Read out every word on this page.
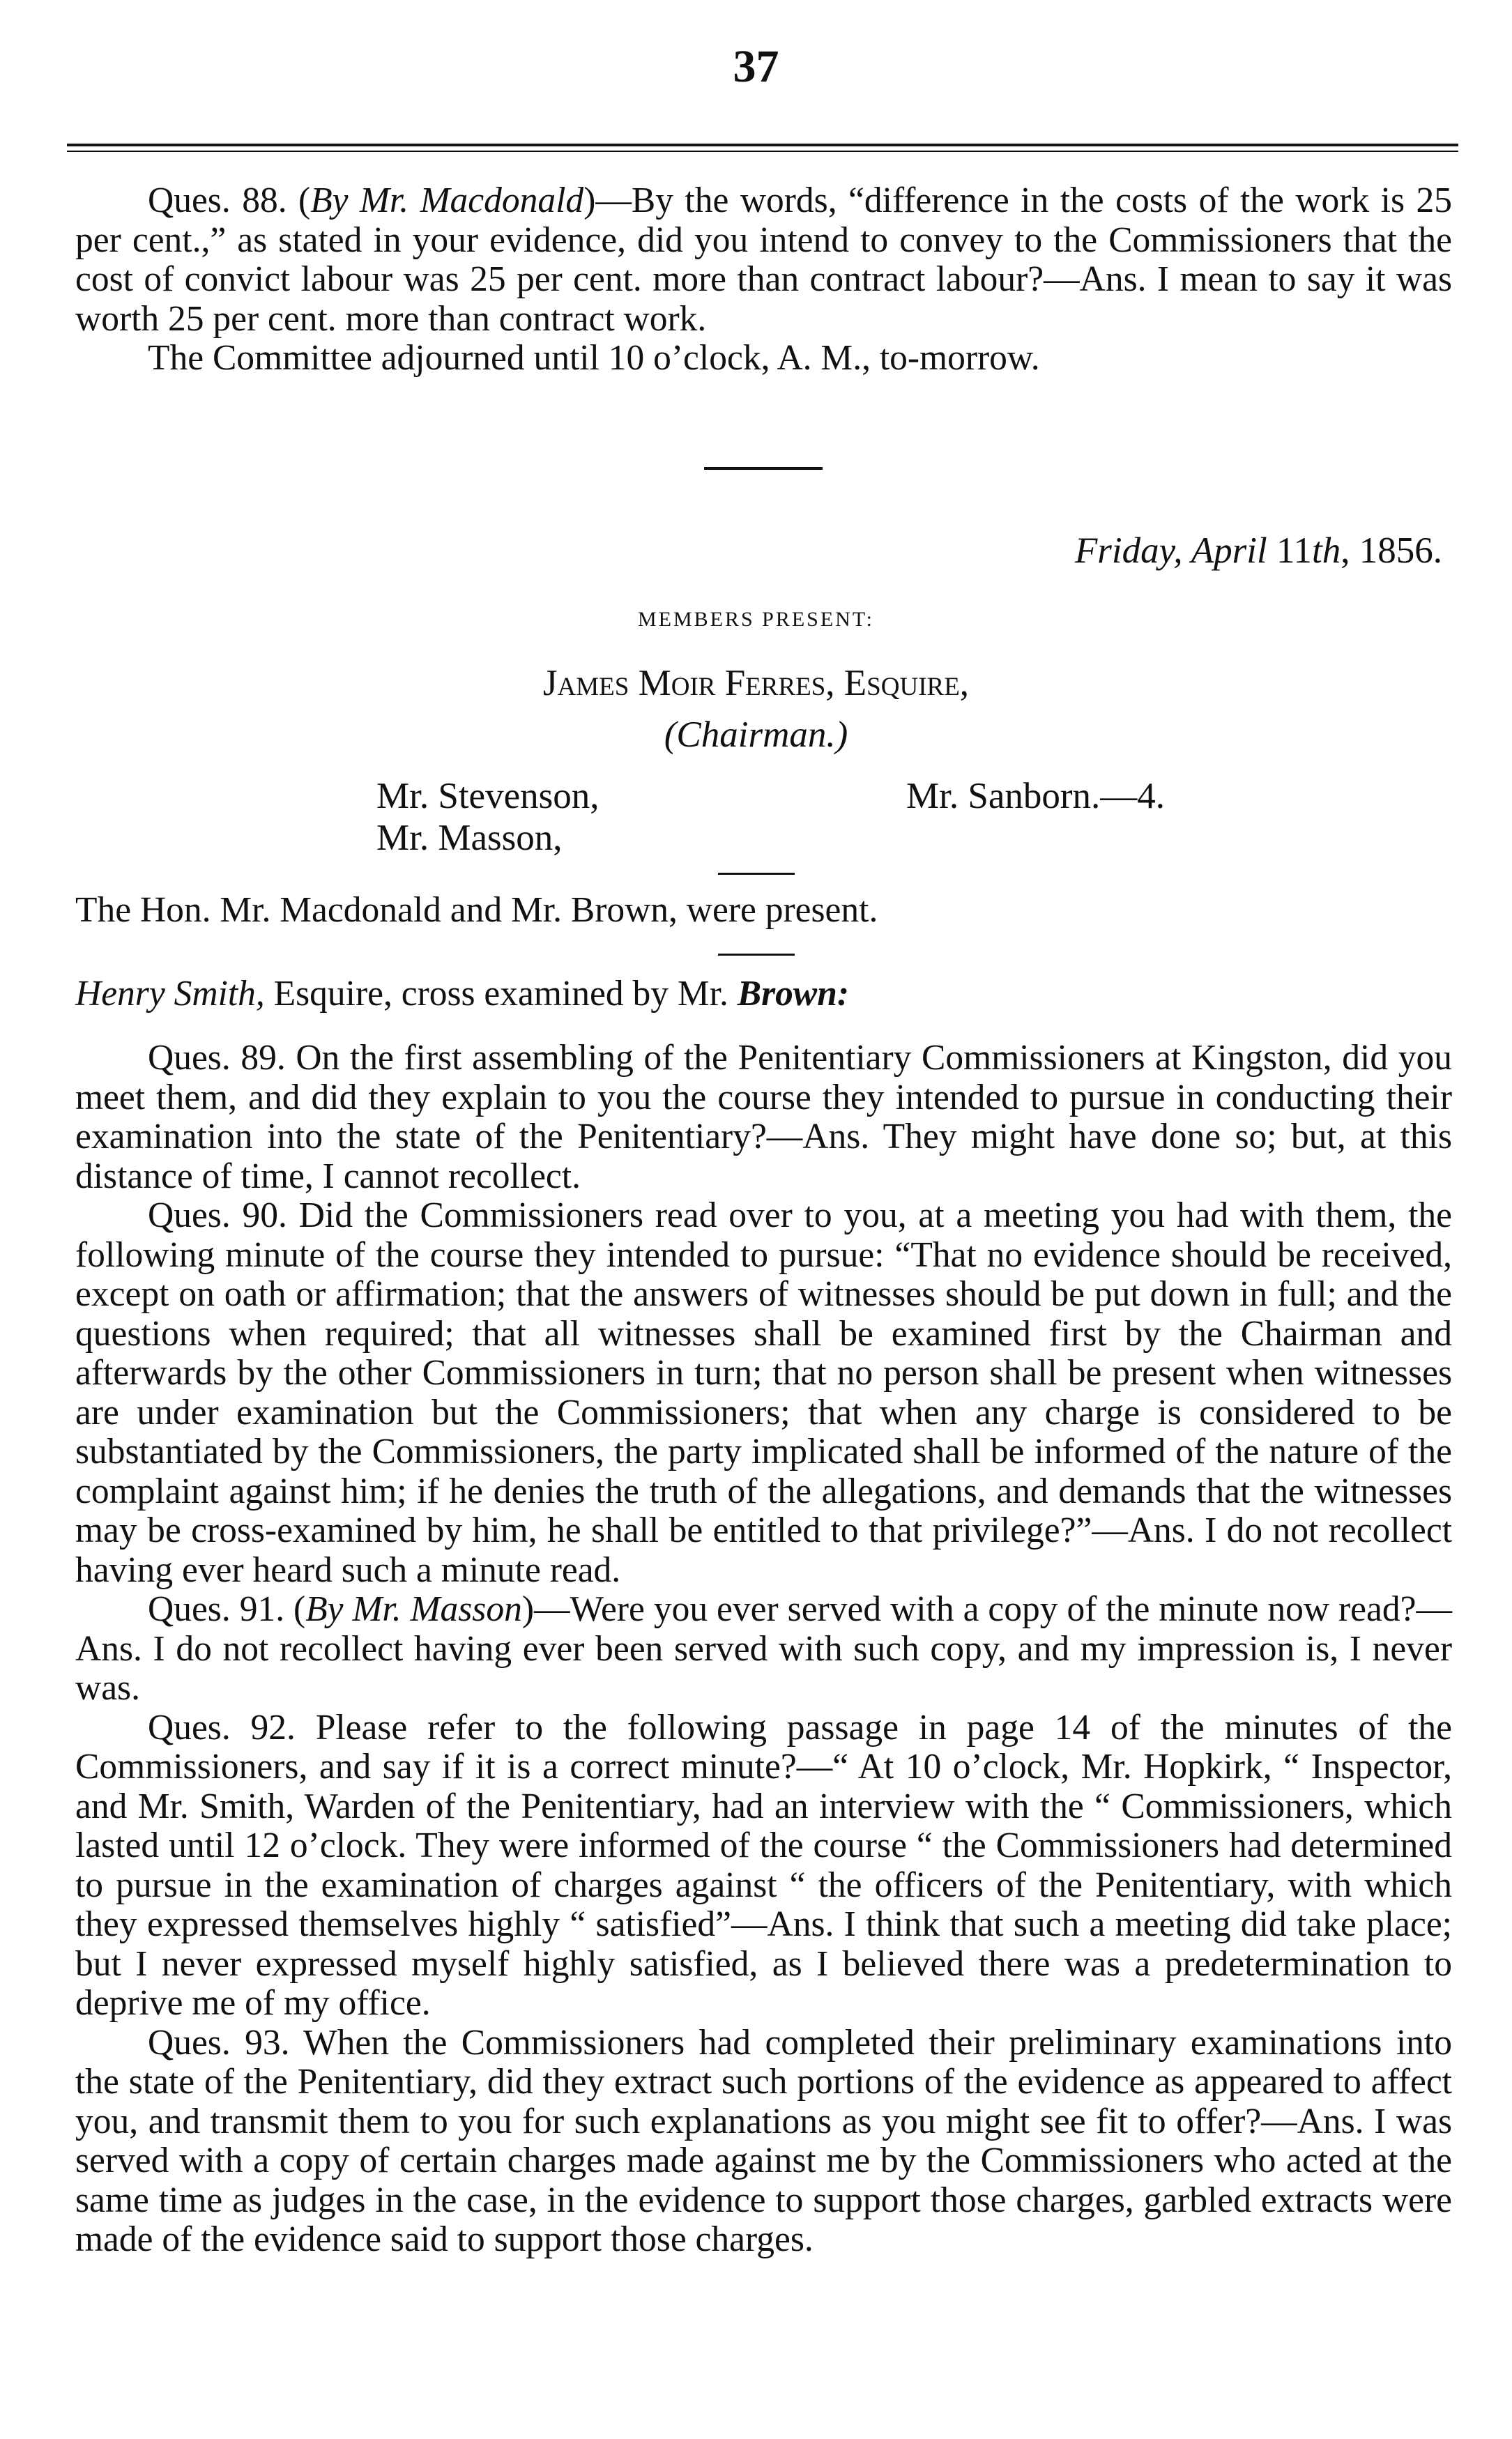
37

Ques. 88. (By Mr. Macdonald)—By the words, “difference in the costs of the work is 25 per cent.,” as stated in your evidence, did you intend to convey to the Commissioners that the cost of convict labour was 25 per cent. more than contract labour?—Ans. I mean to say it was worth 25 per cent. more than contract work.

The Committee adjourned until 10 o’clock, A. M., to-morrow.

Friday, April 11th, 1856.
MEMBERS PRESENT:
James Moir Ferres, Esquire,
(Chairman.)
Mr. Stevenson,
Mr. Masson,
Mr. Sanborn.—4.

The Hon. Mr. Macdonald and Mr. Brown, were present.

Henry Smith, Esquire, cross examined by Mr. Brown:

Ques. 89. On the first assembling of the Penitentiary Commissioners at Kingston, did you meet them, and did they explain to you the course they intended to pursue in conducting their examination into the state of the Penitentiary?—Ans. They might have done so; but, at this distance of time, I cannot recollect.

Ques. 90. Did the Commissioners read over to you, at a meeting you had with them, the following minute of the course they intended to pursue: “That no evidence should be received, except on oath or affirmation; that the answers of witnesses should be put down in full; and the questions when required; that all witnesses shall be examined first by the Chairman and afterwards by the other Commissioners in turn; that no person shall be present when witnesses are under examination but the Commissioners; that when any charge is considered to be substantiated by the Commissioners, the party implicated shall be informed of the nature of the complaint against him; if he denies the truth of the allegations, and demands that the witnesses may be cross-examined by him, he shall be entitled to that privilege?”—Ans. I do not recollect having ever heard such a minute read.

Ques. 91. (By Mr. Masson)—Were you ever served with a copy of the minute now read?—Ans. I do not recollect having ever been served with such copy, and my impression is, I never was.

Ques. 92. Please refer to the following passage in page 14 of the minutes of the Commissioners, and say if it is a correct minute?—“ At 10 o’clock, Mr. Hopkirk, “ Inspector, and Mr. Smith, Warden of the Penitentiary, had an interview with the “ Commissioners, which lasted until 12 o’clock. They were informed of the course “ the Commissioners had determined to pursue in the examination of charges against “ the officers of the Penitentiary, with which they expressed themselves highly “ satisfied”—Ans. I think that such a meeting did take place; but I never expressed myself highly satisfied, as I believed there was a predetermination to deprive me of my office.

Ques. 93. When the Commissioners had completed their preliminary examinations into the state of the Penitentiary, did they extract such portions of the evidence as appeared to affect you, and transmit them to you for such explanations as you might see fit to offer?—Ans. I was served with a copy of certain charges made against me by the Commissioners who acted at the same time as judges in the case, in the evidence to support those charges, garbled extracts were made of the evidence said to support those charges.
